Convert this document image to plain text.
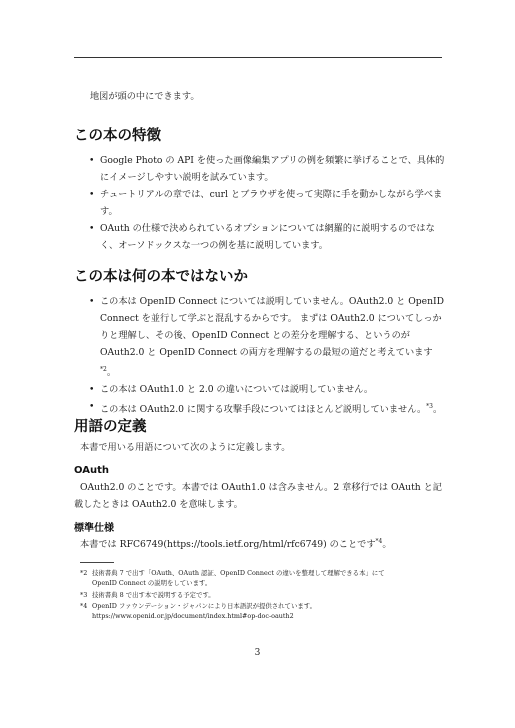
地図が頭の中にできます。
この本の特徴
• Google Photo の API を使った画像編集アプリの例を頻繁に挙げることで、具体的にイメージしやすい説明を試みています。
• チュートリアルの章では、curl とブラウザを使って実際に手を動かしながら学べます。
• OAuth の仕様で決められているオプションについては網羅的に説明するのではなく、オーソドックスな一つの例を基に説明しています。
この本は何の本ではないか
• この本は OpenID Connect については説明していません。OAuth2.0 と OpenID Connect を並行して学ぶと混乱するからです。 まずは OAuth2.0 についてしっかりと理解し、その後、OpenID Connect との差分を理解する、というのが OAuth2.0 と OpenID Connect の両方を理解するの最短の道だと考えています$^{*2}$。
• この本は OAuth1.0 と 2.0 の違いについては説明していません。
• この本は OAuth2.0 に関する攻撃手段についてはほとんど説明していません。$^{*3}$。
用語の定義
本書で用いる用語について次のように定義します。
OAuth
OAuth2.0 のことです。本書では OAuth1.0 は含みません。2 章移行では OAuth と記
載したときは OAuth2.0 を意味します。
標準仕様
本書では RFC6749(https://tools.ietf.org/html/rfc6749) のことです$^{*4}$。
*2 技術書典 7 で出す「OAuth、OAuth 認証、OpenID Connect の違いを整理して理解できる本」にて
OpenID Connect の説明をしています。
*3 技術書典 8 で出す本で説明する予定です。
*4 OpenID ファウンデーション・ジャパンにより日本語訳が提供されています。
https://www.openid.or.jp/document/index.html#op-doc-oauth2
3
